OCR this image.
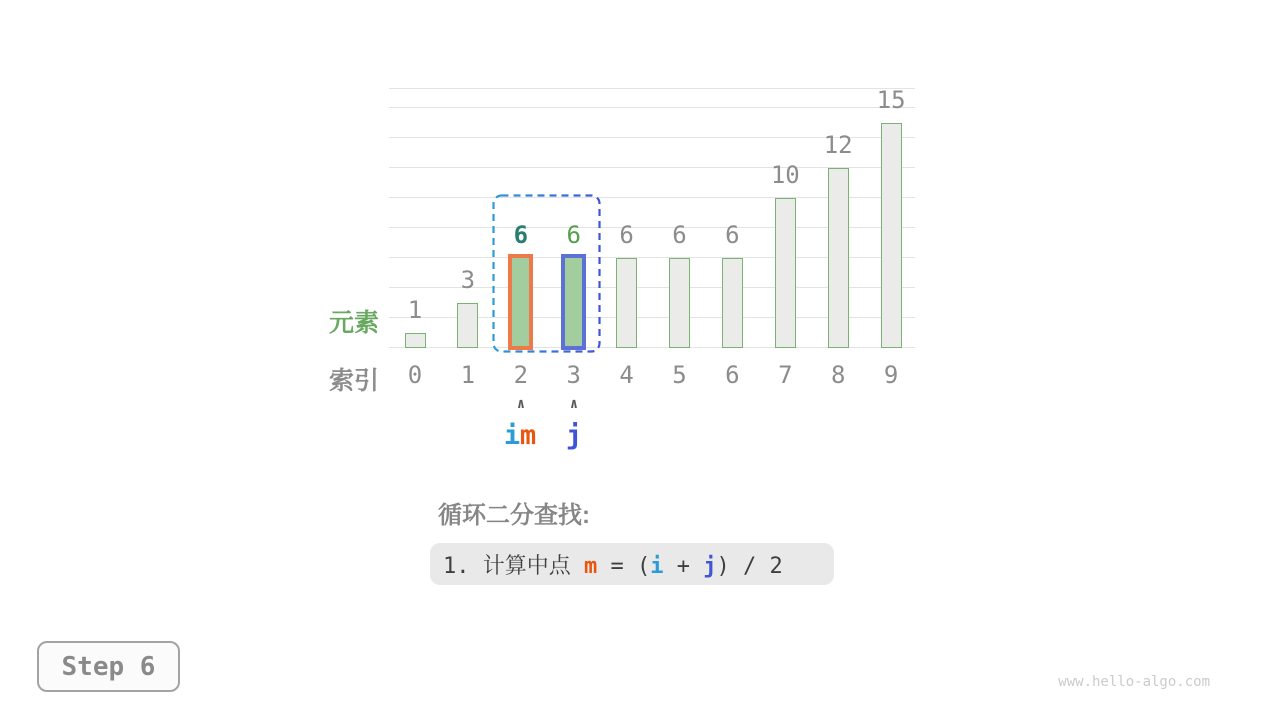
1
3
6	6	6	6	6
10
12
15
元素
索引	0	1	2	3	4	5	6	7	8	9
∧	∧
i m j
循环二分查找:
1. 计算中点 m = (i + j) / 2
Step 6
www.hello-algo.com
